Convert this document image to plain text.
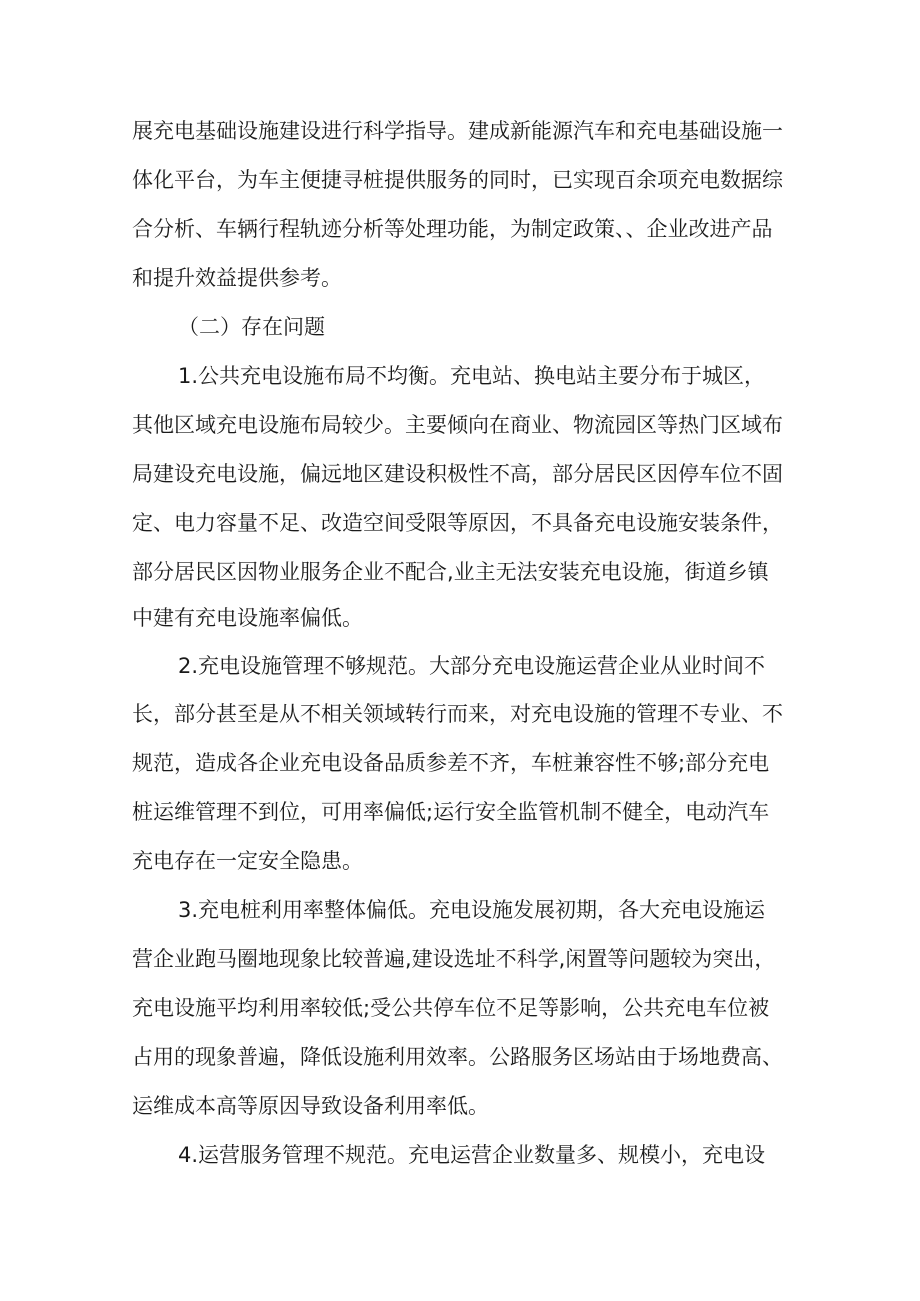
展充电基础设施建设进行科学指导。建成新能源汽车和充电基础设施一
体化平台，为车主便捷寻桩提供服务的同时，已实现百余项充电数据综
合分析、车辆行程轨迹分析等处理功能，为制定政策、、企业改进产品
和提升效益提供参考。
（二）存在问题
1.公共充电设施布局不均衡。充电站、换电站主要分布于城区，
其他区域充电设施布局较少。主要倾向在商业、物流园区等热门区域布
局建设充电设施，偏远地区建设积极性不高，部分居民区因停车位不固
定、电力容量不足、改造空间受限等原因，不具备充电设施安装条件，
部分居民区因物业服务企业不配合,业主无法安装充电设施，街道乡镇
中建有充电设施率偏低。
2.充电设施管理不够规范。大部分充电设施运营企业从业时间不
长，部分甚至是从不相关领域转行而来，对充电设施的管理不专业、不
规范，造成各企业充电设备品质参差不齐，车桩兼容性不够;部分充电
桩运维管理不到位，可用率偏低;运行安全监管机制不健全，电动汽车
充电存在一定安全隐患。
3.充电桩利用率整体偏低。充电设施发展初期，各大充电设施运
营企业跑马圈地现象比较普遍,建设选址不科学,闲置等问题较为突出，
充电设施平均利用率较低;受公共停车位不足等影响，公共充电车位被
占用的现象普遍，降低设施利用效率。公路服务区场站由于场地费高、
运维成本高等原因导致设备利用率低。
4.运营服务管理不规范。充电运营企业数量多、规模小，充电设
